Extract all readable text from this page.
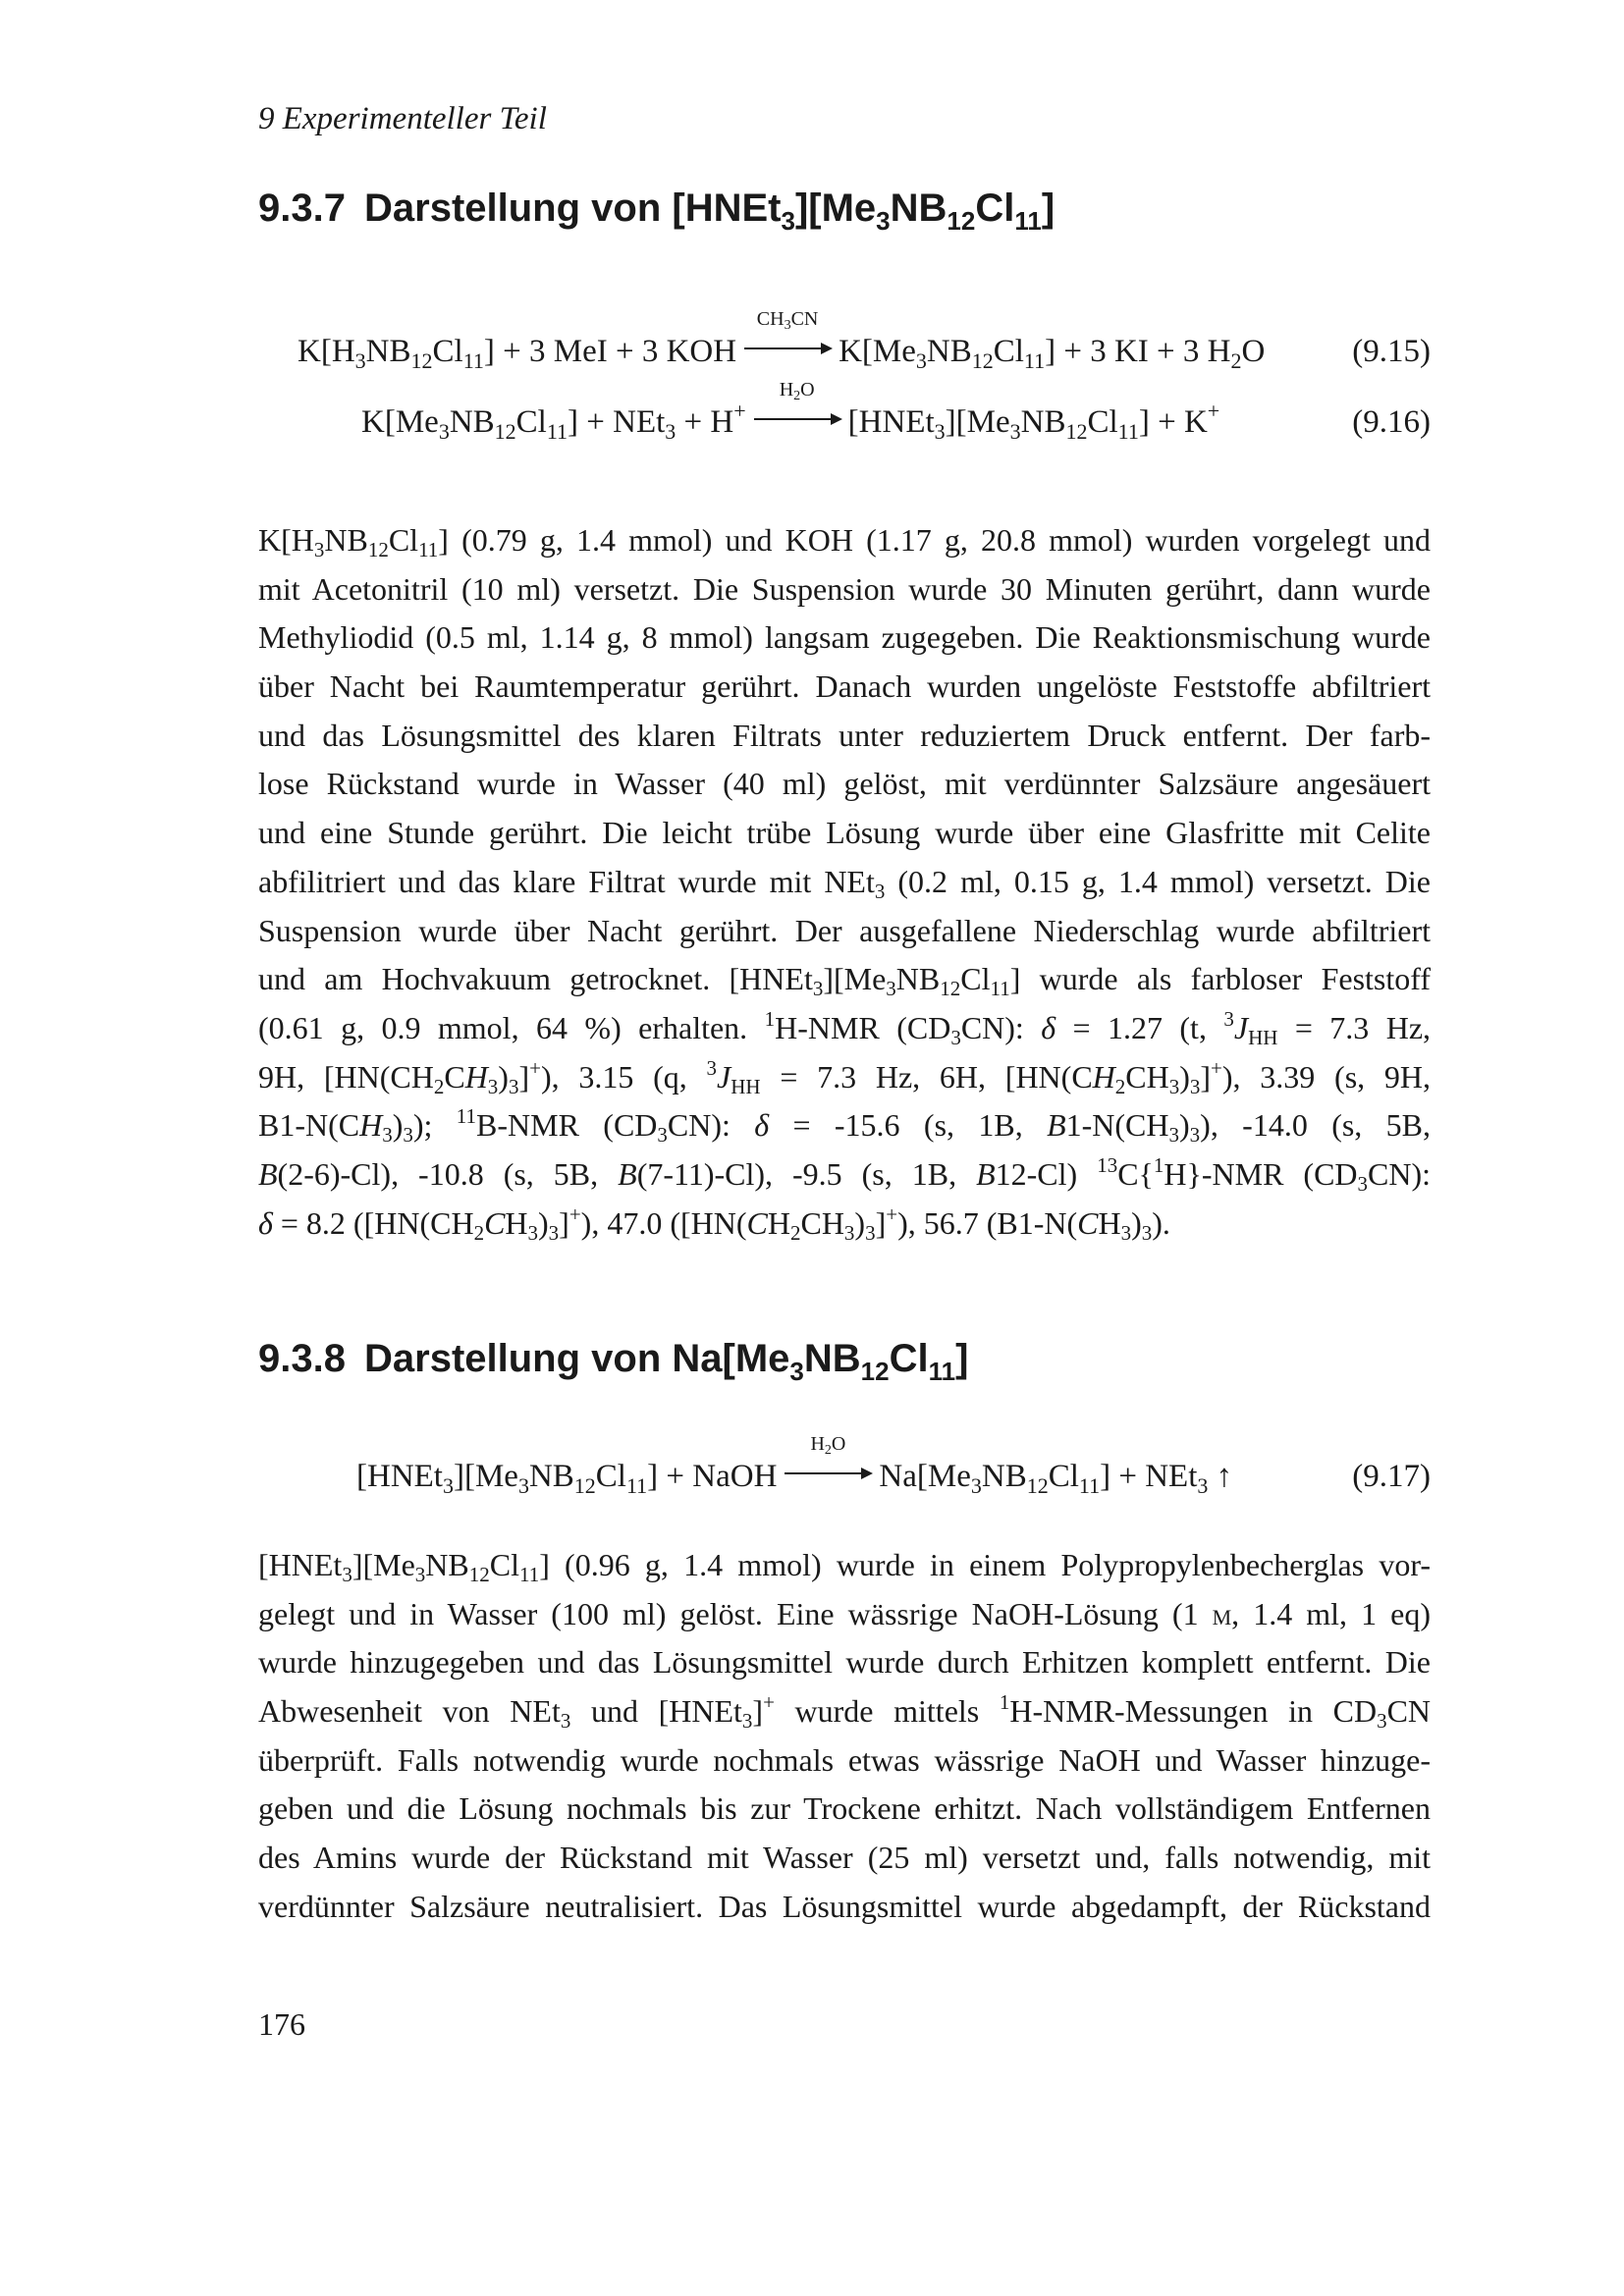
9 Experimenteller Teil
9.3.7 Darstellung von $[HNEt_3][Me_3NB_{12}Cl_{11}]$
$K[H_3NB_{12}Cl_{11}] + 3$ MeI + 3 KOH
$CH_3CN$
$K[Me_3NB_{12}Cl_{11}] + 3$ KI + 3 $H_2O$	(9.15)
$K[Me_3NB_{12}Cl_{11}] + NEt_3 + H^+$
$H_2O$
$[HNEt_3][Me_3NB_{12}Cl_{11}] + K^+$	(9.16)
$K[H_3NB_{12}Cl_{11}]$ (0.79 g, 1.4 mmol) und KOH (1.17 g, 20.8 mmol) wurden vorgelegt und
mit Acetonitril (10 ml) versetzt. Die Suspension wurde 30 Minuten gerührt, dann wurde
Methyliodid (0.5 ml, 1.14 g, 8 mmol) langsam zugegeben. Die Reaktionsmischung wurde
über Nacht bei Raumtemperatur gerührt. Danach wurden ungelöste Feststoffe abfiltriert
und das Lösungsmittel des klaren Filtrats unter reduziertem Druck entfernt. Der farb-
lose Rückstand wurde in Wasser (40 ml) gelöst, mit verdünnter Salzsäure angesäuert
und eine Stunde gerührt. Die leicht trübe Lösung wurde über eine Glasfritte mit Celite
abfilitriert und das klare Filtrat wurde mit NEt$_3$ (0.2 ml, 0.15 g, 1.4 mmol) versetzt. Die
Suspension wurde über Nacht gerührt. Der ausgefallene Niederschlag wurde abfiltriert
und am Hochvakuum getrocknet. $[HNEt_3][Me_3NB_{12}Cl_{11}]$ wurde als farbloser Feststoff
(0.61 g, 0.9 mmol, 64 %) erhalten. $^1$H-NMR $(CD_3CN)$: δ = 1.27 (t, $^3J_{HH} = 7.3$ Hz,
9H, $[HN(CH_2CH_3)_3]^+$), 3.15 (q, $^3J_{HH} = 7.3$ Hz, 6H, $[HN(CH_2CH_3)_3]^+$), 3.39 (s, 9H,
$B1-N(CH_3)_3$); $^{11}$B-NMR $(CD_3CN)$: δ = -15.6 (s, 1B, $B1-N(CH_3)_3$), -14.0 (s, 5B,
B(2-6)-Cl), -10.8 (s, 5B, B(7-11)-Cl), -9.5 (s, 1B, B12-Cl) $^{13}$C{$^1$H}-NMR $(CD_3CN)$:
δ = 8.2 $([HN(CH_2CH_3)_3]^+)$, 47.0 $([HN(CH_2CH_3)_3]^+)$, 56.7 $(B1-N(CH_3)_3)$.
9.3.8 Darstellung von $Na[Me_3NB_{12}Cl_{11}]$
$[HNEt_3][Me_3NB_{12}Cl_{11}]$ + NaOH
$H_2O$
$Na[Me_3NB_{12}Cl_{11}] + NEt_3$ ↑	(9.17)
$[HNEt_3][Me_3NB_{12}Cl_{11}]$ (0.96 g, 1.4 mmol) wurde in einem Polypropylenbecherglas vor-
gelegt und in Wasser (100 ml) gelöst. Eine wässrige NaOH-Lösung (1 m, 1.4 ml, 1 eq)
wurde hinzugegeben und das Lösungsmittel wurde durch Erhitzen komplett entfernt. Die
Abwesenheit von NEt$_3$ und [HNEt$_3$]+ wurde mittels $^1$H-NMR-Messungen in $CD_3CN$
überprüft. Falls notwendig wurde nochmals etwas wässrige NaOH und Wasser hinzuge-
geben und die Lösung nochmals bis zur Trockene erhitzt. Nach vollständigem Entfernen
des Amins wurde der Rückstand mit Wasser (25 ml) versetzt und, falls notwendig, mit
verdünnter Salzsäure neutralisiert. Das Lösungsmittel wurde abgedampft, der Rückstand
176
